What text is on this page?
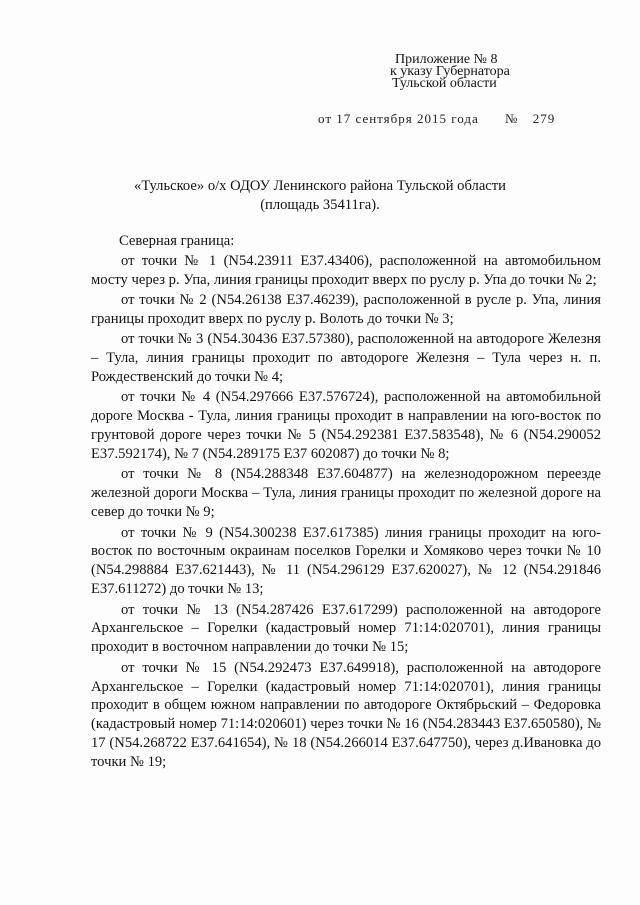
Приложение № 8
к указу Губернатора
Тульской области
от 17 сентября 2015 года № 279
«Тульское» о/х ОДОУ Ленинского района Тульской области
(площадь 35411га).
Северная граница:

от точки № 1 (N54.23911 E37.43406), расположенной на автомобильном мосту через р. Упа, линия границы проходит вверх по руслу р. Упа до точки № 2;

от точки № 2 (N54.26138 E37.46239), расположенной в русле р. Упа, линия границы проходит вверх по руслу р. Волоть до точки № 3;

от точки № 3 (N54.30436 E37.57380), расположенной на автодороге Железня – Тула, линия границы проходит по автодороге Железня – Тула через н. п. Рождественский до точки № 4;

от точки № 4 (N54.297666 E37.576724), расположенной на автомобильной дороге Москва - Тула, линия границы проходит в направлении на юго-восток по грунтовой дороге через точки № 5 (N54.292381 E37.583548), № 6 (N54.290052 E37.592174), № 7 (N54.289175 E37 602087) до точки № 8;

от точки № 8 (N54.288348 E37.604877) на железнодорожном переезде железной дороги Москва – Тула, линия границы проходит по железной дороге на север до точки № 9;

от точки № 9 (N54.300238 E37.617385) линия границы проходит на юго-восток по восточным окраинам поселков Горелки и Хомяково через точки № 10 (N54.298884 E37.621443), № 11 (N54.296129 E37.620027), № 12 (N54.291846 E37.611272) до точки № 13;

от точки № 13 (N54.287426 E37.617299) расположенной на автодороге Архангельское – Горелки (кадастровый номер 71:14:020701), линия границы проходит в восточном направлении до точки № 15;

от точки № 15 (N54.292473 E37.649918), расположенной на автодороге Архангельское – Горелки (кадастровый номер 71:14:020701), линия границы проходит в общем южном направлении по автодороге Октябрьский – Федоровка (кадастровый номер 71:14:020601) через точки № 16 (N54.283443 E37.650580), № 17 (N54.268722 E37.641654), № 18 (N54.266014 E37.647750), через д.Ивановка до точки № 19;
